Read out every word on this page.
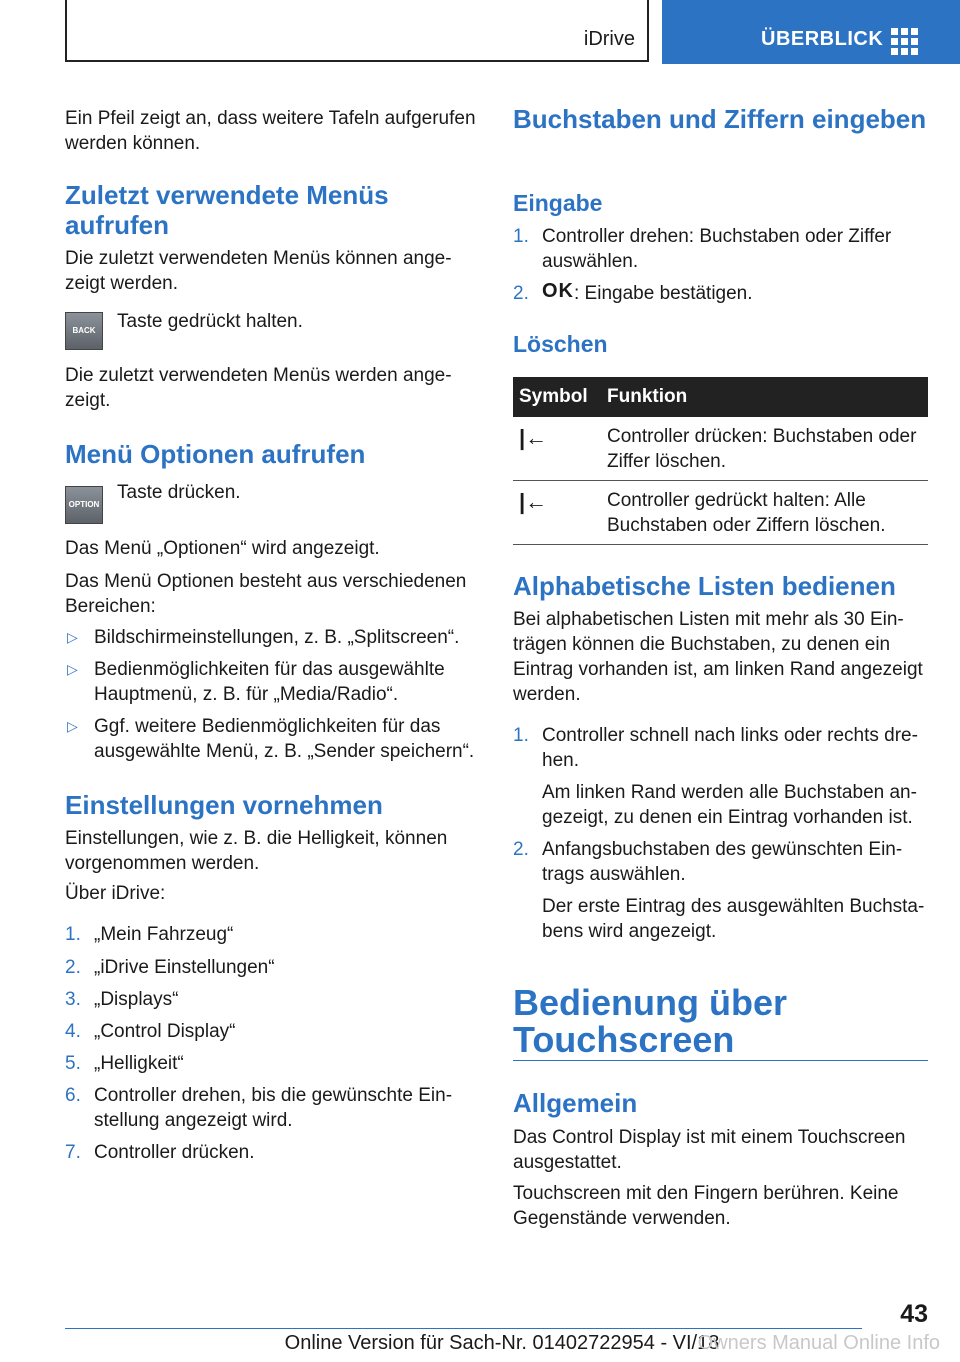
iDrive	ÜBERBLICK

Ein Pfeil zeigt an, dass weitere Tafeln aufgerufen werden können.

Zuletzt verwendete Menüs aufrufen

Die zuletzt verwendeten Menüs können ange- zeigt werden.

BACK	Taste gedrückt halten.

Die zuletzt verwendeten Menüs werden ange- zeigt.

Menü Optionen aufrufen
OPTION

Taste drücken.

Das Menü „Optionen“ wird angezeigt.

Das Menü Optionen besteht aus verschiedenen Bereichen:

▷ Bildschirmeinstellungen, z. B. „Splitscreen“.
▷ Bedienmöglichkeiten für das ausgewählte Hauptmenü, z. B. für „Media/Radio“.
▷ Ggf. weitere Bedienmöglichkeiten für das ausgewählte Menü, z. B. „Sender speichern“.
Einstellungen vornehmen

Einstellungen, wie z. B. die Helligkeit, können vorgenommen werden.

Über iDrive:

1. „Mein Fahrzeug“
2. „iDrive Einstellungen“
3. „Displays“
4. „Control Display“
5. „Helligkeit“
6. Controller drehen, bis die gewünschte Ein- stellung angezeigt wird.
7. Controller drücken.
Buchstaben und Ziffern eingeben
Eingabe
1. Controller drehen: Buchstaben oder Ziffer auswählen.
2. OK : Eingabe bestätigen.
Löschen
Symbol Funktion
|←	Controller drücken: Buchstaben oder Ziffer löschen.
|←	Controller gedrückt halten: Alle Buchstaben oder Ziffern löschen.
Alphabetische Listen bedienen

Bei alphabetischen Listen mit mehr als 30 Ein- trägen können die Buchstaben, zu denen ein Eintrag vorhanden ist, am linken Rand angezeigt werden.

1. Controller schnell nach links oder rechts dre- hen.
Am linken Rand werden alle Buchstaben an- gezeigt, zu denen ein Eintrag vorhanden ist.
2. Anfangsbuchstaben des gewünschten Ein- trags auswählen.
Der erste Eintrag des ausgewählten Buchsta- bens wird angezeigt.
Bedienung über Touchscreen
Allgemein

Das Control Display ist mit einem Touchscreen ausgestattet.

Touchscreen mit den Fingern berühren. Keine Gegenstände verwenden.

43
Online Version für Sach-Nr. 01402722954 - VI/18
Owners Manual Online Info
